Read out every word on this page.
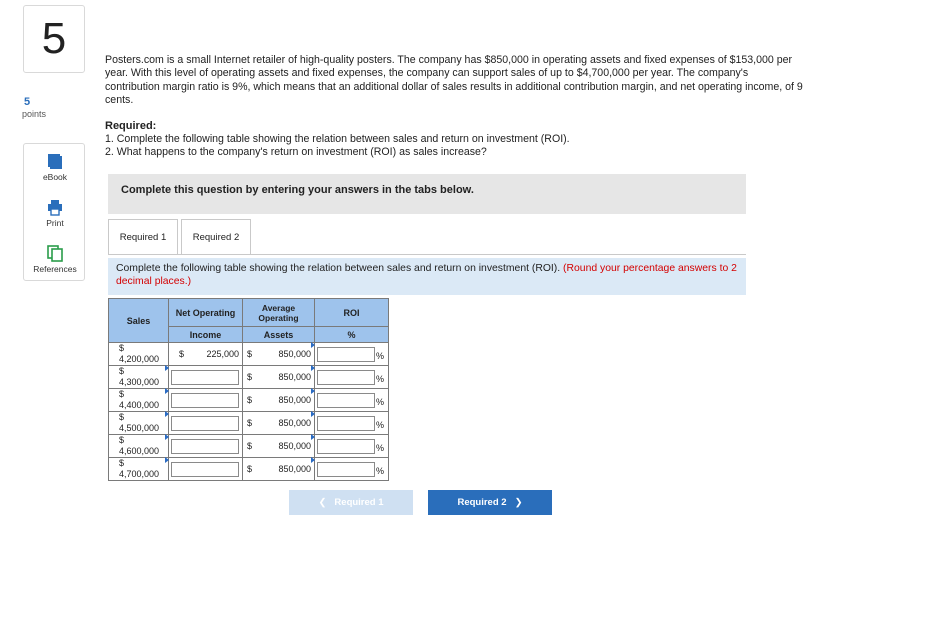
5
5
points
eBook
Print
References
Posters.com is a small Internet retailer of high-quality posters. The company has $850,000 in operating assets and fixed expenses of $153,000 per year. With this level of operating assets and fixed expenses, the company can support sales of up to $4,700,000 per year. The company's contribution margin ratio is 9%, which means that an additional dollar of sales results in additional contribution margin, and net operating income, of 9 cents.
Required:
1. Complete the following table showing the relation between sales and return on investment (ROI).
2. What happens to the company's return on investment (ROI) as sales increase?
Complete this question by entering your answers in the tabs below.
Required 1	Required 2
Complete the following table showing the relation between sales and return on investment (ROI). (Round your percentage answers to 2 decimal places.)
Sales	Net Operating	Average Operating	ROI
	Income	Assets	%

$
4,200,000	$ 225,000	$ 850,000	%

$
4,300,000		$ 850,000	%

$
4,400,000		$ 850,000	%

$
4,500,000		$ 850,000	%

$
4,600,000		$ 850,000	%

$
4,700,000		$ 850,000	%
❮ Required 1	Required 2 ❯
